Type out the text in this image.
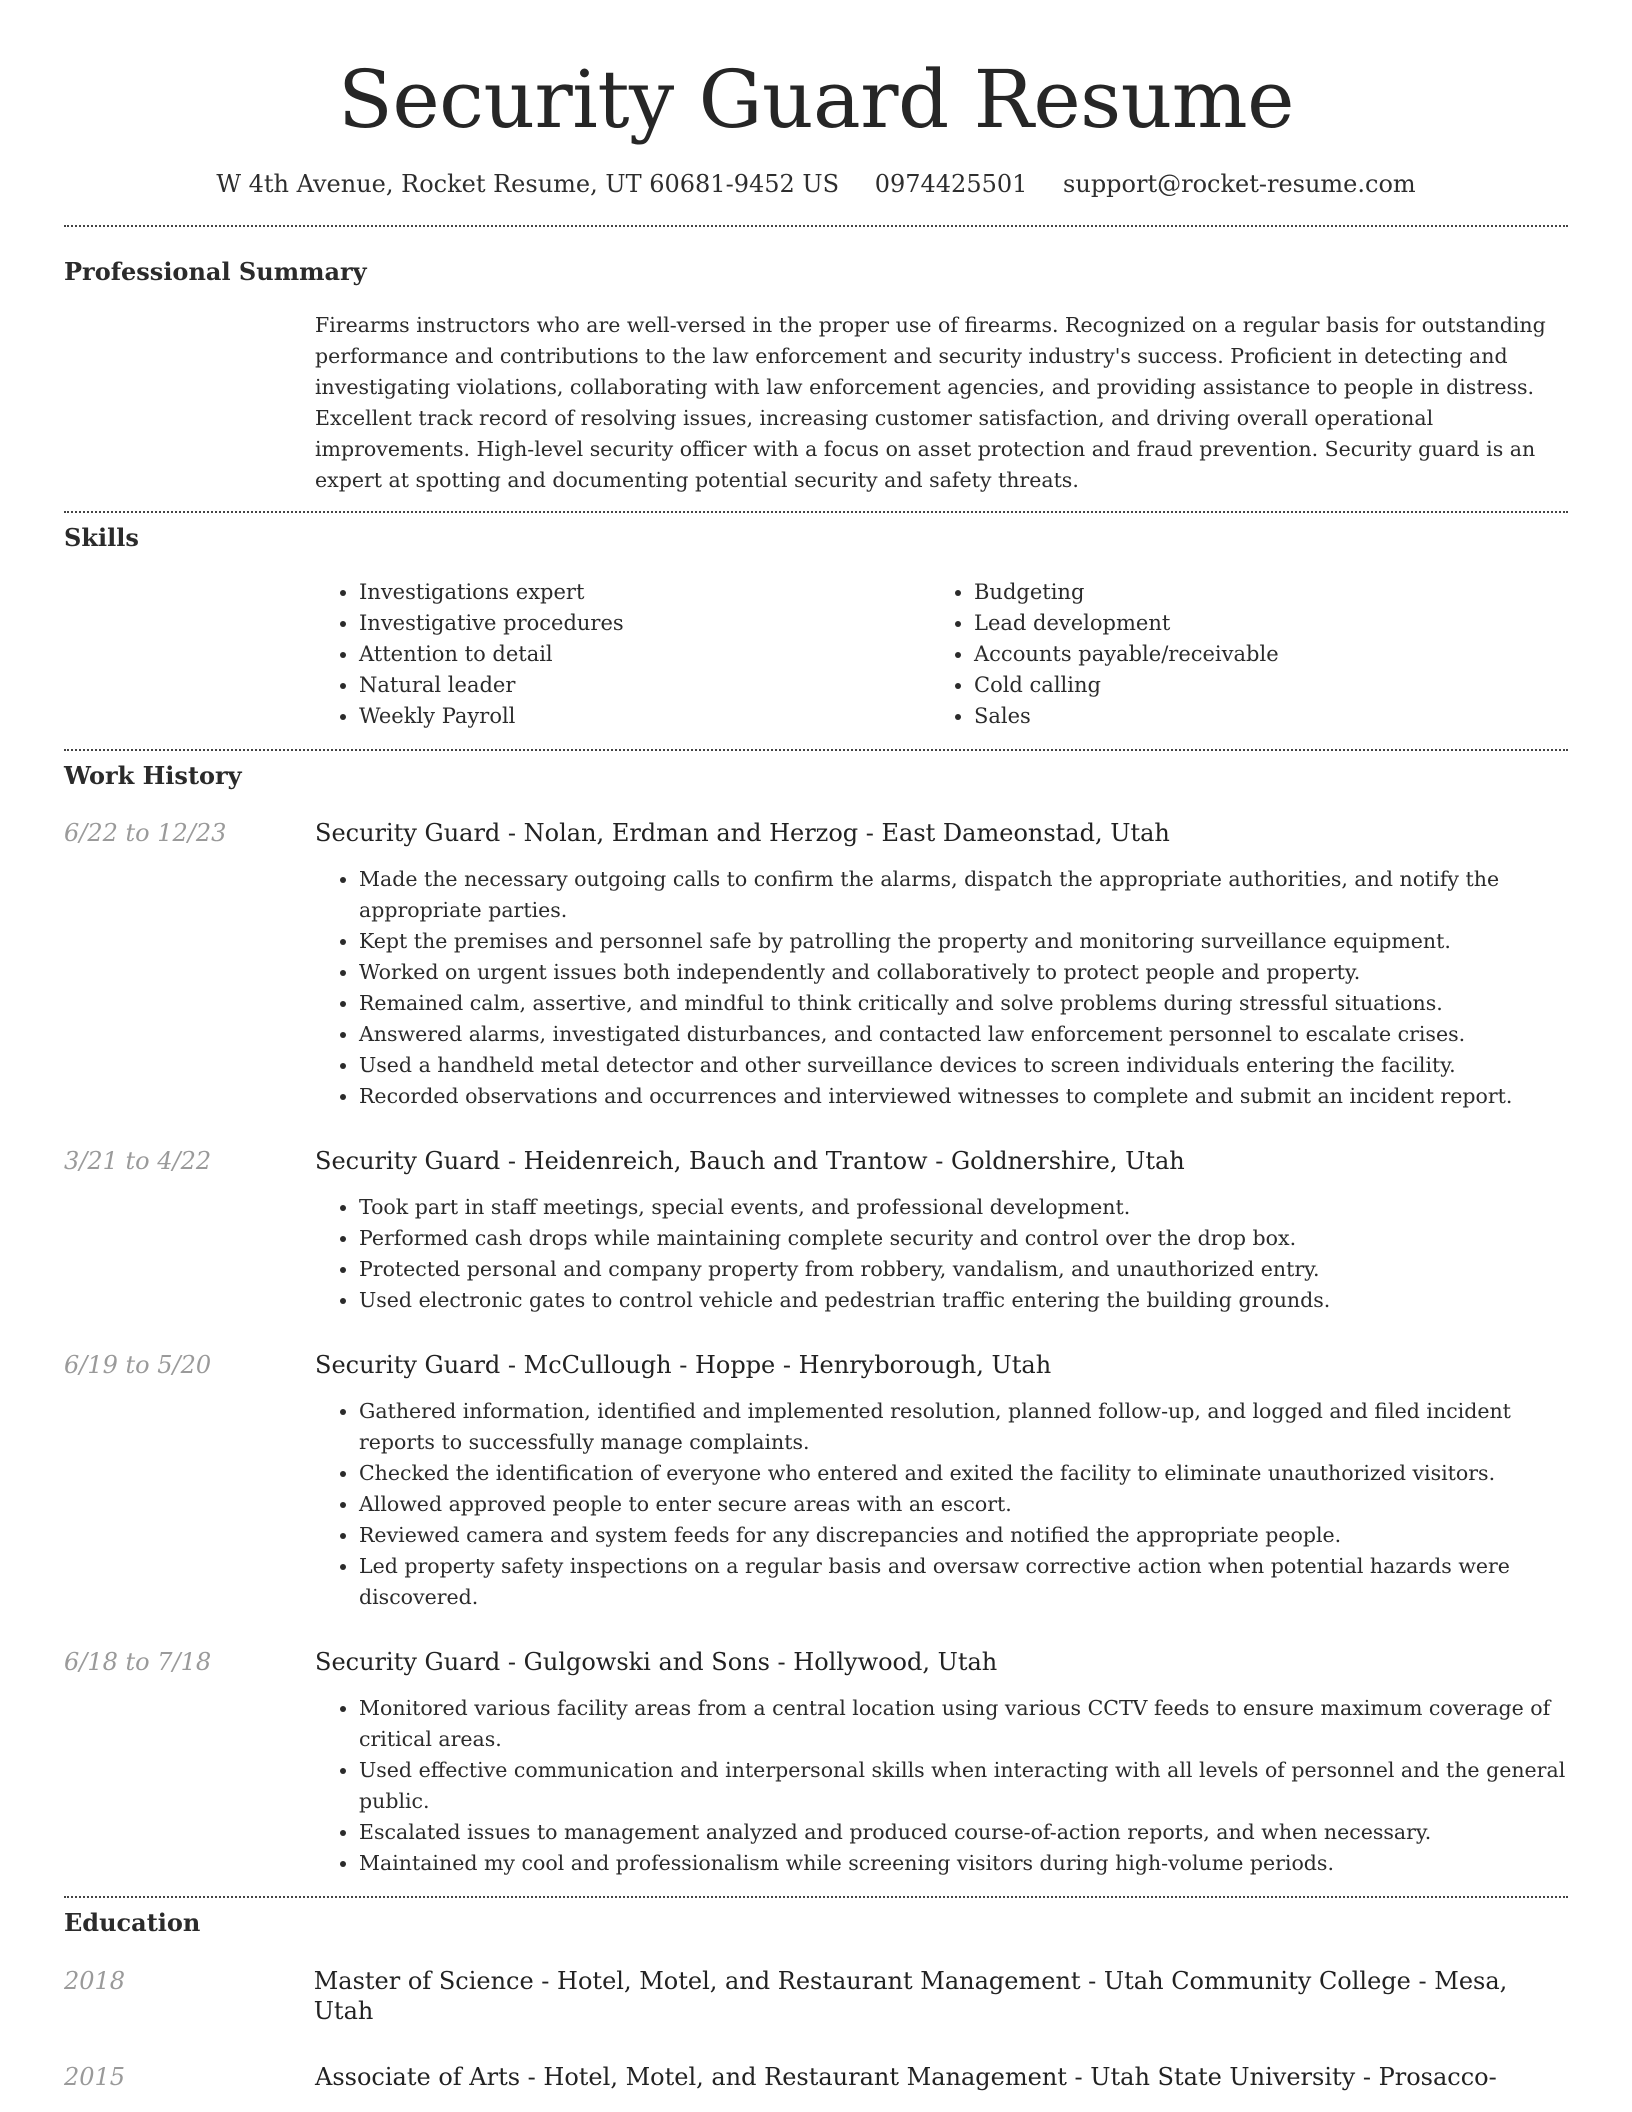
Security Guard Resume
W 4th Avenue, Rocket Resume, UT 60681-9452 US 0974425501 support@rocket-resume.com
Professional Summary

Firearms instructors who are well-versed in the proper use of firearms. Recognized on a regular basis for outstanding performance and contributions to the law enforcement and security industry's success. Proficient in detecting and investigating violations, collaborating with law enforcement agencies, and providing assistance to people in distress. Excellent track record of resolving issues, increasing customer satisfaction, and driving overall operational improvements. High-level security officer with a focus on asset protection and fraud prevention. Security guard is an expert at spotting and documenting potential security and safety threats.

Skills
• Investigations expert
• Investigative procedures
• Attention to detail
• Natural leader
• Weekly Payroll
• Budgeting
• Lead development
• Accounts payable/receivable
• Cold calling
• Sales
Work History
6/22 to 12/23	Security Guard - Nolan, Erdman and Herzog - East Dameonstad, Utah
• Made the necessary outgoing calls to confirm the alarms, dispatch the appropriate authorities, and notify the appropriate parties.
• Kept the premises and personnel safe by patrolling the property and monitoring surveillance equipment.
• Worked on urgent issues both independently and collaboratively to protect people and property.
• Remained calm, assertive, and mindful to think critically and solve problems during stressful situations.
• Answered alarms, investigated disturbances, and contacted law enforcement personnel to escalate crises.
• Used a handheld metal detector and other surveillance devices to screen individuals entering the facility.
• Recorded observations and occurrences and interviewed witnesses to complete and submit an incident report.
3/21 to 4/22	Security Guard - Heidenreich, Bauch and Trantow - Goldnershire, Utah
• Took part in staff meetings, special events, and professional development.
• Performed cash drops while maintaining complete security and control over the drop box.
• Protected personal and company property from robbery, vandalism, and unauthorized entry.
• Used electronic gates to control vehicle and pedestrian traffic entering the building grounds.
6/19 to 5/20	Security Guard - McCullough - Hoppe - Henryborough, Utah
• Gathered information, identified and implemented resolution, planned follow-up, and logged and filed incident reports to successfully manage complaints.
• Checked the identification of everyone who entered and exited the facility to eliminate unauthorized visitors.
• Allowed approved people to enter secure areas with an escort.
• Reviewed camera and system feeds for any discrepancies and notified the appropriate people.
• Led property safety inspections on a regular basis and oversaw corrective action when potential hazards were discovered.
6/18 to 7/18	Security Guard - Gulgowski and Sons - Hollywood, Utah
• Monitored various facility areas from a central location using various CCTV feeds to ensure maximum coverage of critical areas.
• Used effective communication and interpersonal skills when interacting with all levels of personnel and the general public.
• Escalated issues to management analyzed and produced course-of-action reports, and when necessary.
• Maintained my cool and professionalism while screening visitors during high-volume periods.
Education
2018	Master of Science - Hotel, Motel, and Restaurant Management - Utah Community College - Mesa, Utah
2015	Associate of Arts - Hotel, Motel, and Restaurant Management - Utah State University - Prosacco-
